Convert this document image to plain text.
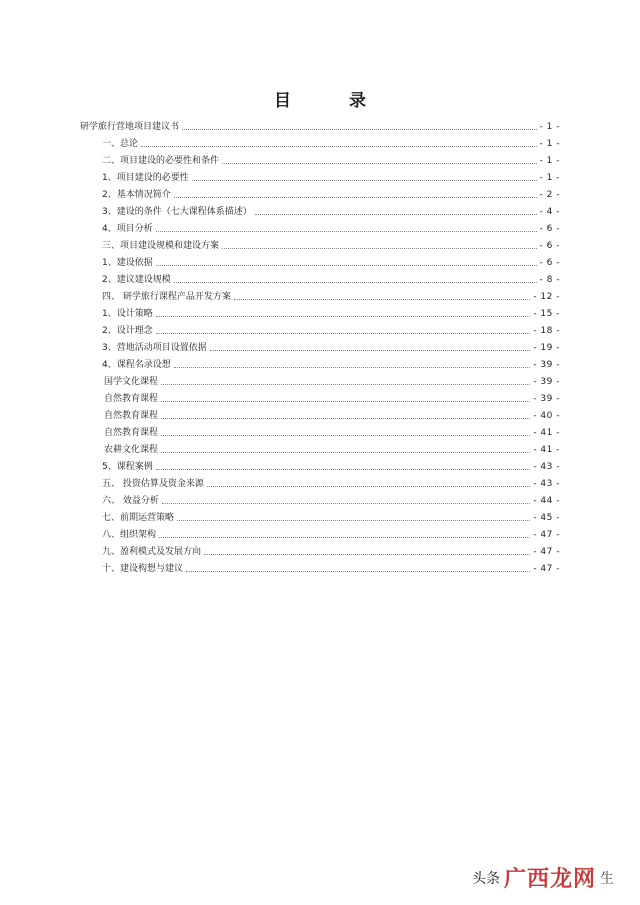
目 录
研学旅行营地项目建议书	- 1 -
一、总论	- 1 -
二、项目建设的必要性和条件	- 1 -
1、项目建设的必要性	- 1 -
2、基本情况简介	- 2 -
3、建设的条件（七大课程体系描述）	- 4 -
4、项目分析	- 6 -
三、项目建设规模和建设方案	- 6 -
1、建设依据	- 6 -
2、建议建设规模	- 8 -
四、 研学旅行课程产品开发方案	- 12 -
1、设计策略	- 15 -
2、设计理念	- 18 -
3、营地活动项目设置依据	- 19 -
4、课程名录设想	- 39 -
国学文化课程	- 39 -
自然教育课程	- 39 -
自然教育课程	- 40 -
自然教育课程	- 41 -
农耕文化课程	- 41 -
5、课程案例	- 43 -
五、 投资估算及资金来源	- 43 -
六、 效益分析	- 44 -
七、前期运营策略	- 45 -
八、组织架构	- 47 -
九、盈利模式及发展方向	- 47 -
十、建设构想与建议	- 47 -
头条 广西龙网 生
